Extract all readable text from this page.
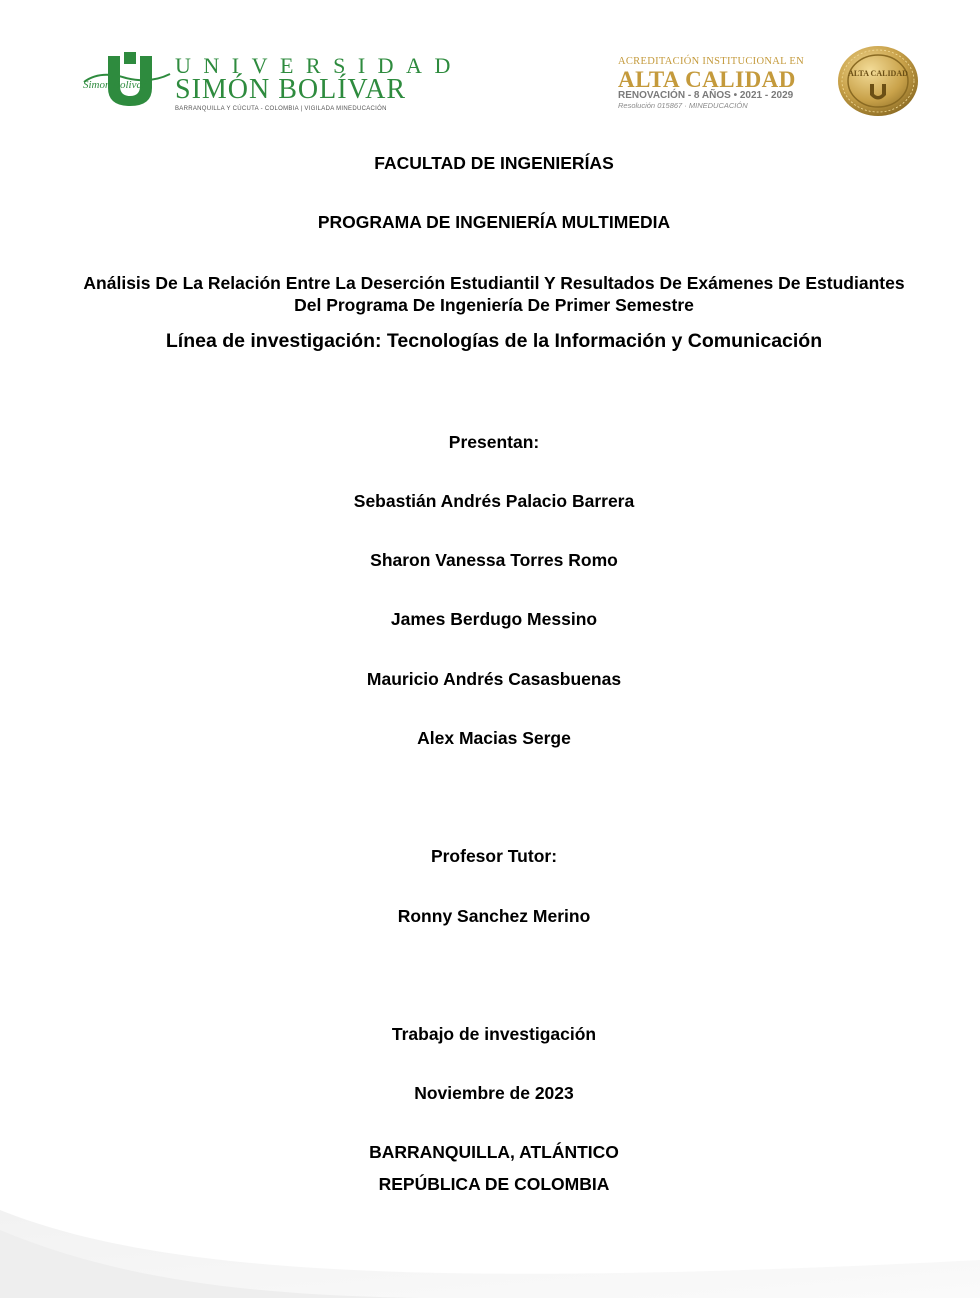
Simon Bolivar
UNIVERSIDAD
SIMÓN BOLÍVAR
BARRANQUILLA Y CÚCUTA - COLOMBIA | VIGILADA MINEDUCACIÓN
ACREDITACIÓN INSTITUCIONAL EN
ALTA CALIDAD
RENOVACIÓN - 8 AÑOS • 2021 - 2029
Resolución 015867 · MINEDUCACIÓN
ALTA CALIDAD
FACULTAD DE INGENIERÍAS
PROGRAMA DE INGENIERÍA MULTIMEDIA
Análisis De La Relación Entre La Deserción Estudiantil Y Resultados De Exámenes De Estudiantes
Del Programa De Ingeniería De Primer Semestre
Línea de investigación: Tecnologías de la Información y Comunicación
Presentan:
Sebastián Andrés Palacio Barrera
Sharon Vanessa Torres Romo
James Berdugo Messino
Mauricio Andrés Casasbuenas
Alex Macias Serge
Profesor Tutor:
Ronny Sanchez Merino
Trabajo de investigación
Noviembre de 2023
BARRANQUILLA, ATLÁNTICO
REPÚBLICA DE COLOMBIA
